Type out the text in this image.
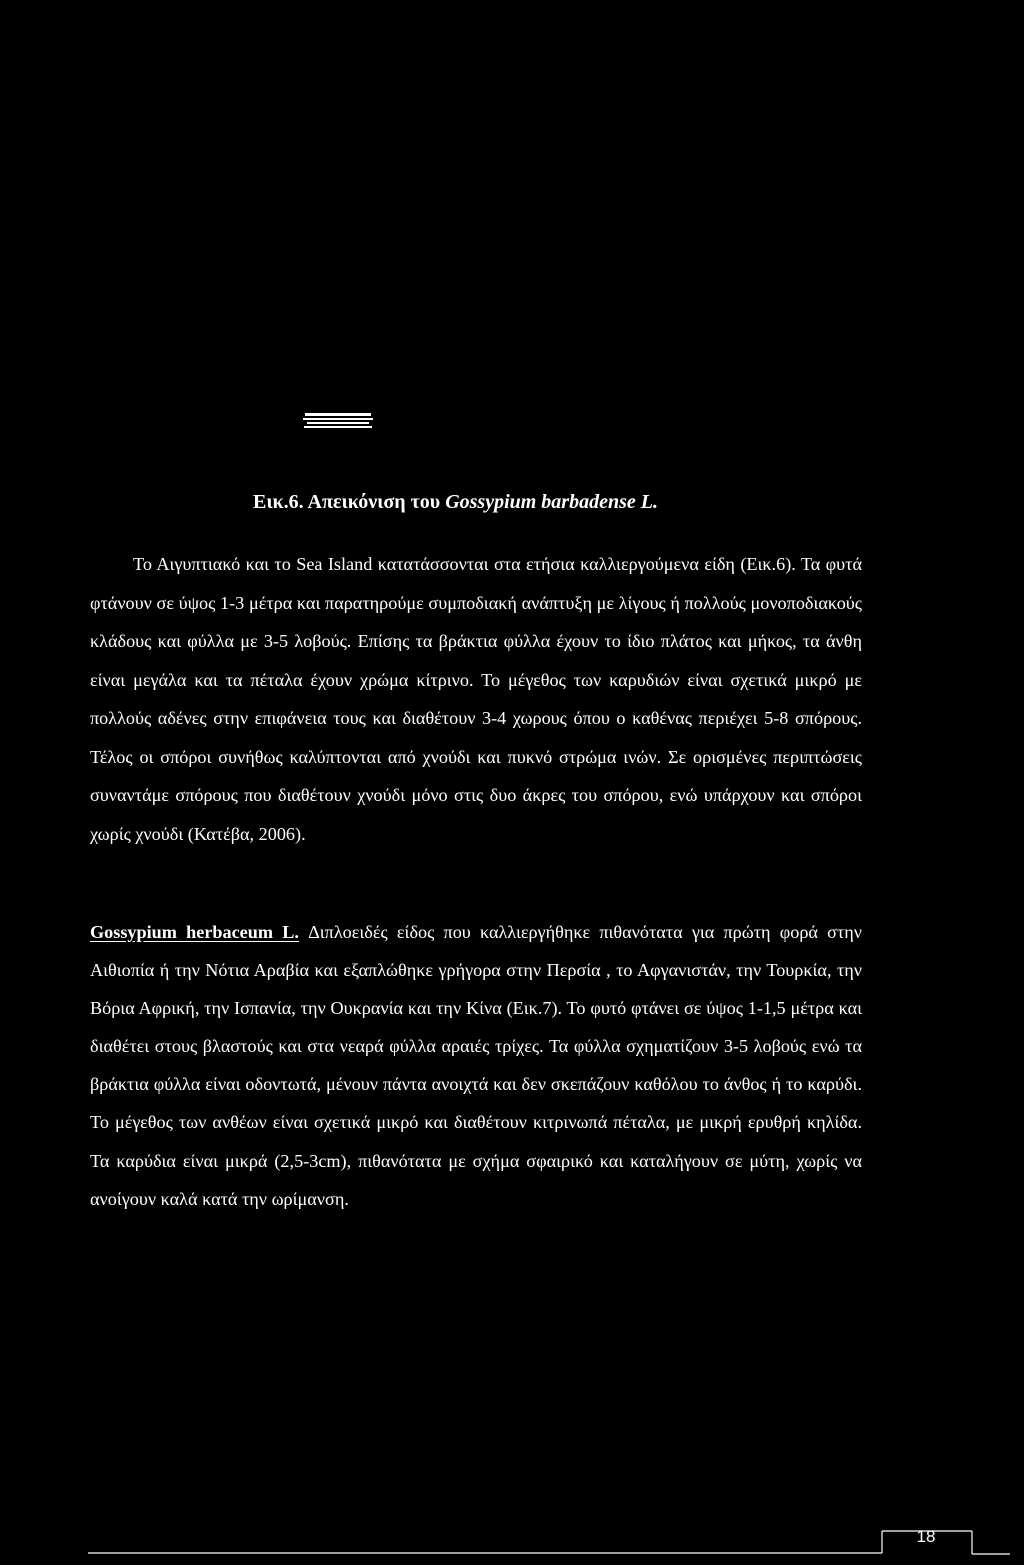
Εικ.6. Απεικόνιση του Gossypium barbadense L.

Το Αιγυπτιακό και το Sea Island κατατάσσονται στα ετήσια καλλιεργούμενα είδη (Εικ.6). Τα φυτά φτάνουν σε ύψος 1-3 μέτρα και παρατηρούμε συμποδιακή ανάπτυξη με λίγους ή πολλούς μονοποδιακούς κλάδους και φύλλα με 3-5 λοβούς. Επίσης τα βράκτια φύλλα έχουν το ίδιο πλάτος και μήκος, τα άνθη είναι μεγάλα και τα πέταλα έχουν χρώμα κίτρινο. Το μέγεθος των καρυδιών είναι σχετικά μικρό με πολλούς αδένες στην επιφάνεια τους και διαθέτουν 3-4 χωρους όπου ο καθένας περιέχει 5-8 σπόρους. Τέλος οι σπόροι συνήθως καλύπτονται από χνούδι και πυκνό στρώμα ινών. Σε ορισμένες περιπτώσεις συναντάμε σπόρους που διαθέτουν χνούδι μόνο στις δυο άκρες του σπόρου, ενώ υπάρχουν και σπόροι χωρίς χνούδι (Κατέβα, 2006).

Gossypium herbaceum L. Διπλοειδές είδος που καλλιεργήθηκε πιθανότατα για πρώτη φορά στην Αιθιοπία ή την Νότια Αραβία και εξαπλώθηκε γρήγορα στην Περσία , το Αφγανιστάν, την Τουρκία, την Βόρια Αφρική, την Ισπανία, την Ουκρανία και την Κίνα (Εικ.7). Το φυτό φτάνει σε ύψος 1-1,5 μέτρα και διαθέτει στους βλαστούς και στα νεαρά φύλλα αραιές τρίχες. Τα φύλλα σχηματίζουν 3-5 λοβούς ενώ τα βράκτια φύλλα είναι οδοντωτά, μένουν πάντα ανοιχτά και δεν σκεπάζουν καθόλου το άνθος ή το καρύδι. Το μέγεθος των ανθέων είναι σχετικά μικρό και διαθέτουν κιτρινωπά πέταλα, με μικρή ερυθρή κηλίδα. Τα καρύδια είναι μικρά (2,5-3cm), πιθανότατα με σχήμα σφαιρικό και καταλήγουν σε μύτη, χωρίς να ανοίγουν καλά κατά την ωρίμανση.

18
